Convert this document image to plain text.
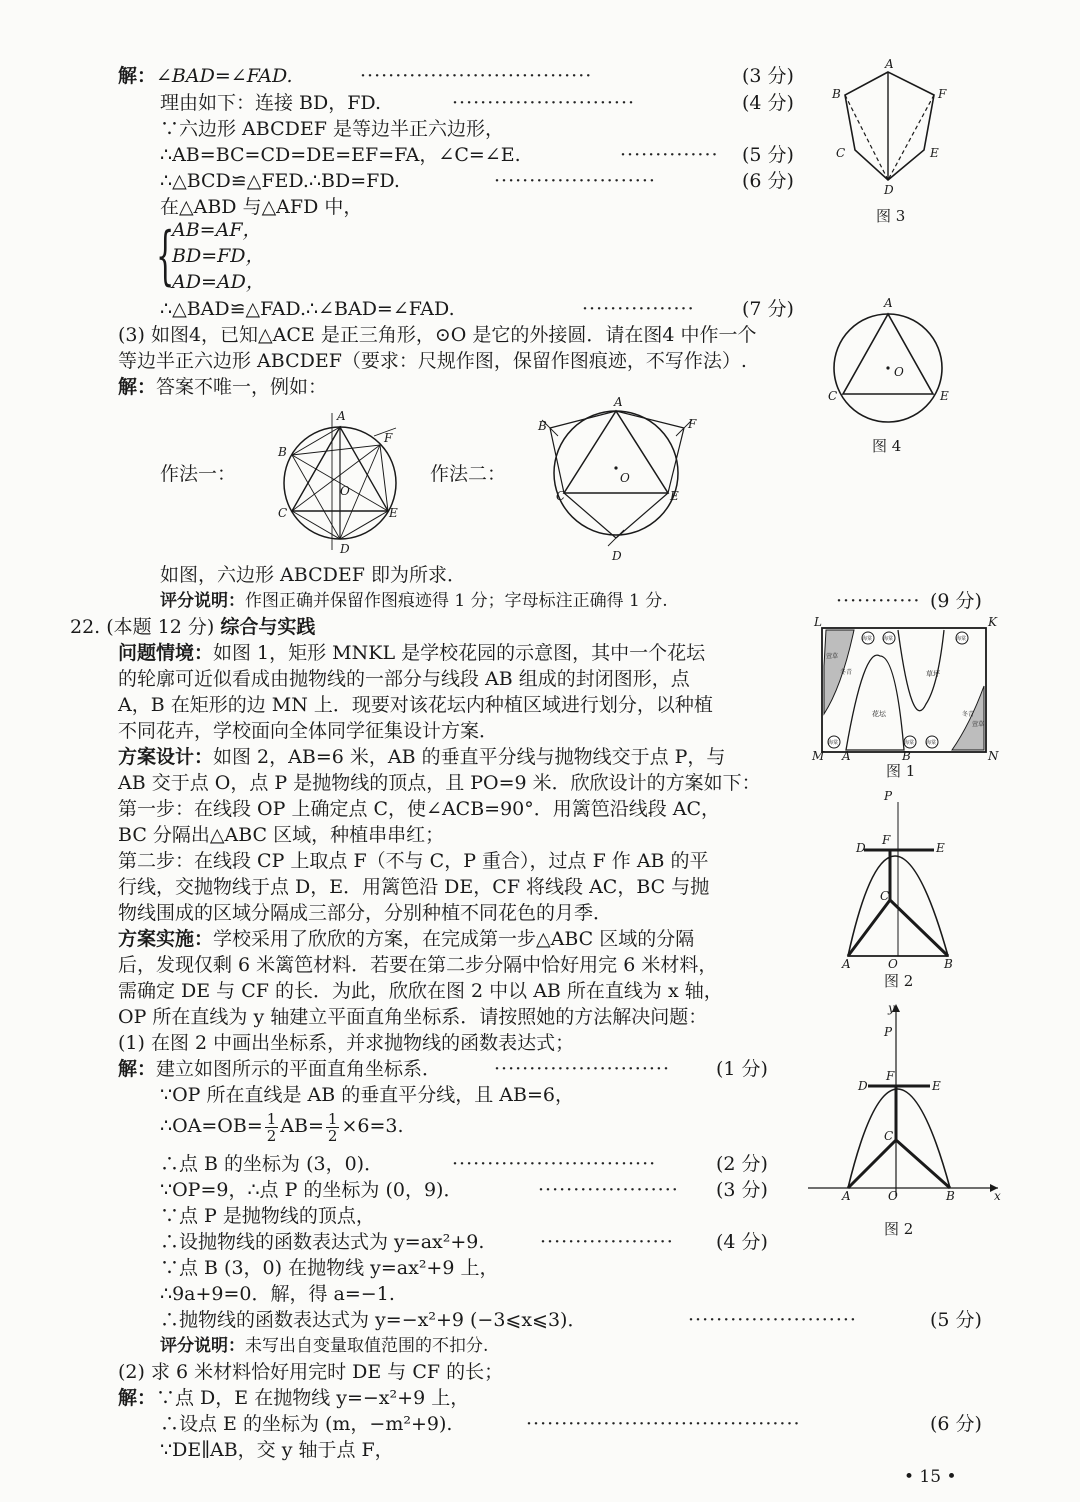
解：∠BAD=∠FAD.	·································	(3 分)
理由如下：连接 BD，FD.	··························	(4 分)
∵六边形 ABCDEF 是等边半正六边形，
∴AB=BC=CD=DE=EF=FA，∠C=∠E.	·············· (5 分)
∴△BCD≌△FED.∴BD=FD.	·······················	(6 分)
在△ABD 与△AFD 中，
{
AB=AF，
BD=FD，
AD=AD，
∴△BAD≌△FAD.∴∠BAD=∠FAD.	················ (7 分)
(3) 如图4，已知△ACE 是正三角形，⊙O 是它的外接圆．请在图4 中作一个
等边半正六边形 ABCDEF（要求：尺规作图，保留作图痕迹，不写作法）.
解：答案不唯一，例如：
作法一：	作法二：
如图，六边形 ABCDEF 即为所求．
评分说明：作图正确并保留作图痕迹得 1 分；字母标注正确得 1 分.	············ (9 分)
A
B	F
C	E
D
图 3
A
O
C	E
图 4
A
B
F
C	E
O
D
A
B	F
O
C	E
D
22. (本题 12 分) 综合与实践
问题情境：如图 1，矩形 MNKL 是学校花园的示意图，其中一个花坛
的轮廓可近似看成由抛物线的一部分与线段 AB 组成的封闭图形，点
A，B 在矩形的边 MN 上．现要对该花坛内种植区域进行划分，以种植
不同花卉，学校面向全体同学征集设计方案．
方案设计：如图 2，AB=6 米，AB 的垂直平分线与抛物线交于点 P，与
AB 交于点 O，点 P 是抛物线的顶点，且 PO=9 米．欣欣设计的方案如下：
第一步：在线段 OP 上确定点 C，使∠ACB=90°．用篱笆沿线段 AC，
BC 分隔出△ABC 区域，种植串串红；
第二步：在线段 CP 上取点 F（不与 C，P 重合），过点 F 作 AB 的平
行线，交抛物线于点 D，E．用篱笆沿 DE，CF 将线段 AC，BC 与抛
物线围成的区域分隔成三部分，分别种植不同花色的月季．
方案实施：学校采用了欣欣的方案，在完成第一步△ABC 区域的分隔
后，发现仅剩 6 米篱笆材料．若要在第二步分隔中恰好用完 6 米材料，
需确定 DE 与 CF 的长．为此，欣欣在图 2 中以 AB 所在直线为 x 轴，
OP 所在直线为 y 轴建立平面直角坐标系．请按照她的方法解决问题：
(1) 在图 2 中画出坐标系，并求抛物线的函数表达式；
解：建立如图所示的平面直角坐标系．	························· (1 分)
∵OP 所在直线是 AB 的垂直平分线，且 AB=6，
∴OA=OB= $\frac{1}{2} AB= \frac{1}{2} \times 6=3$.
∴点 B 的坐标为 (3，0)．	·····························	(2 分)
∵OP=9，∴点 P 的坐标为 (0，9)．	···················· (3 分)
∵点 P 是抛物线的顶点，
∴设抛物线的函数表达式为 y=ax²+9.	··················· (4 分)
∵点 B (3，0) 在抛物线 y=ax²+9 上，
∴9a+9=0．解，得 a=−1.
∴抛物线的函数表达式为 y=−x²+9 (−3⩽x⩽3)．	························	(5 分)
评分说明：未写出自变量取值范围的不扣分.
(2) 求 6 米材料恰好用完时 DE 与 CF 的长；
解：∵点 D，E 在抛物线 y=−x²+9 上，
∴设点 E 的坐标为 (m，−m²+9).	·······································	(6 分)
∵DE∥AB，交 y 轴于点 F，
海棠 海棠	海棠
海棠	海棠 海棠
草坪
花坛
萱草
冬青
萱草
冬青
L	K
M A	B	N
图 1
P
D
F
E
C
A	O	B
图 2
y
P
D
F
E
C
A	O	B	x
图 2
• 15 •
